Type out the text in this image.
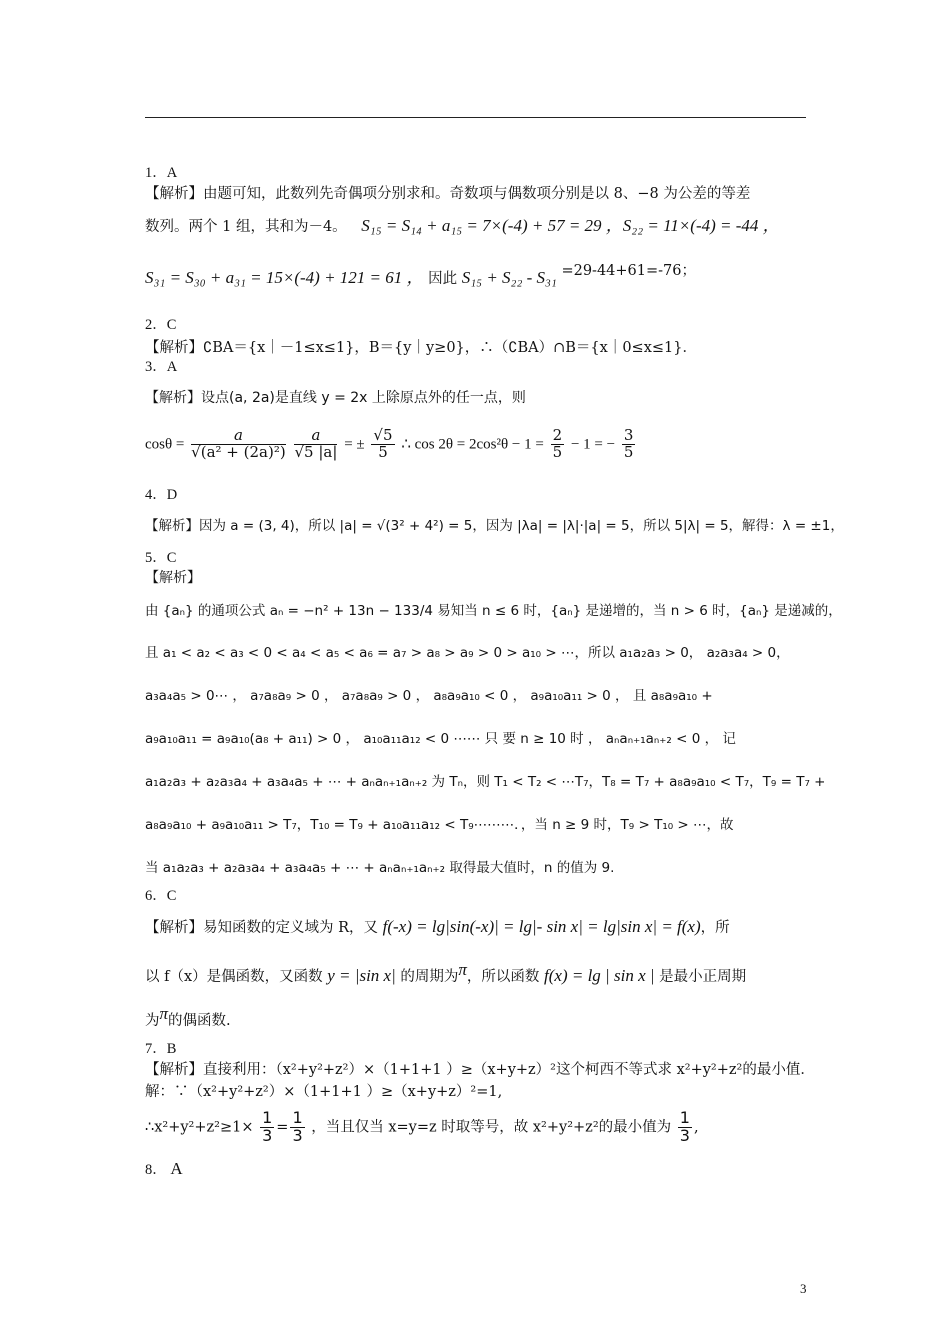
1．A
【解析】由题可知，此数列先奇偶项分别求和。奇数项与偶数项分别是以 8、−8 为公差的等差
数列。两个 1 组，其和为－4。 S₁₅ = S₁₄ + a₁₅ = 7×(-4) + 57 = 29 ，S₂₂ = 11×(-4) = -44 ，
S₃₁ = S₃₀ + a₃₁ = 15×(-4) + 121 = 61 ， 因此 S₁₅ + S₂₂ - S₃₁ =29-44+61=-76；
2．C
【解析】∁BA＝{x｜－1≤x≤1}，B＝{y｜y≥0}，∴（∁BA）∩B＝{x｜0≤x≤1}．
3．A
【解析】设点(a, 2a)是直线 y = 2x 上除原点外的任一点，则
$\cos\theta = \frac{a}{\text{√(a² + (2a)²)}}$
$\frac{a}{√5 |a|}$ = ± $\frac{√5}{5}$ ∴ $\cos 2\theta = 2\cos^2\theta - 1 = \frac{2}{5} - 1$ = − $\frac{3}{5}$
4．D
【解析】因为 a = (3, 4)，所以 |a| = √(3² + 4²) = 5，因为 |λa| = |λ|·|a| = 5，所以 5|λ| = 5，解得：λ = ±1，
5．C
【解析】
由 {aₙ} 的通项公式 aₙ = −n² + 13n − 133/4 易知当 n ≤ 6 时，{aₙ} 是递增的，当 n > 6 时，{aₙ} 是递减的，
且 a₁ < a₂ < a₃ < 0 < a₄ < a₅ < a₆ = a₇ > a₈ > a₉ > 0 > a₁₀ > ⋯，所以 a₁a₂a₃ > 0， a₂a₃a₄ > 0，
a₃a₄a₅ > 0⋯ ， a₇a₈a₉ > 0 ， a₇a₈a₉ > 0 ， a₈a₉a₁₀ < 0 ， a₉a₁₀a₁₁ > 0 ， 且 a₈a₉a₁₀ +
a₉a₁₀a₁₁ = a₉a₁₀(a₈ + a₁₁) > 0 ， a₁₀a₁₁a₁₂ < 0 ⋯⋯ 只 要 n ≥ 10 时 ， aₙaₙ₊₁aₙ₊₂ < 0 ， 记
a₁a₂a₃ + a₂a₃a₄ + a₃a₄a₅ + ⋯ + aₙaₙ₊₁aₙ₊₂ 为 Tₙ，则 T₁ < T₂ < ⋯T₇，T₈ = T₇ + a₈a₉a₁₀ < T₇，T₉ = T₇ +
a₈a₉a₁₀ + a₉a₁₀a₁₁ > T₇，T₁₀ = T₉ + a₁₀a₁₁a₁₂ < T₉⋯⋯⋯．，当 n ≥ 9 时，T₉ > T₁₀ > ⋯，故
当 a₁a₂a₃ + a₂a₃a₄ + a₃a₄a₅ + ⋯ + aₙaₙ₊₁aₙ₊₂ 取得最大值时，n 的值为 9.
6．C
【解析】易知函数的定义域为 R，又 f(-x) = lg|sin(-x)| = lg|- sin x| = lg|sin x| = f(x)，所
以 f（x）是偶函数，又函数 y = |sin x| 的周期为π，所以函数 f(x) = lg | sin x | 是最小正周期
为π的偶函数.
7．B
【解析】直接利用：（x²+y²+z²）×（1+1+1 ）≥（x+y+z）²这个柯西不等式求 x²+y²+z²的最小值．
解：∵（x²+y²+z²）×（1+1+1 ）≥（x+y+z）²=1,
∴x²+y²+z²≥1× $\frac{1}{3} = \frac{1}{3}$ ，当且仅当 x=y=z 时取等号，故 x²+y²+z²的最小值为 $\frac{1}{3}$ ,
8． A
3
